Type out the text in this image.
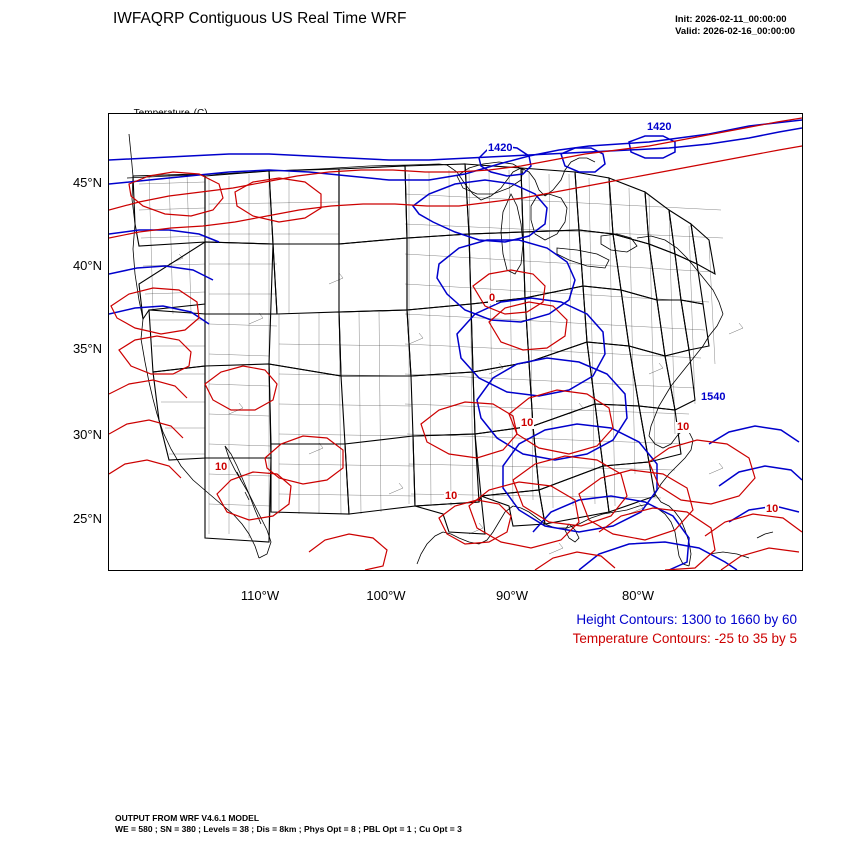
IWFAQRP Contiguous US Real Time WRF	Init: 2026-02-11_00:00:00
Valid: 2026-02-16_00:00:00

45°N
40°N
35°N
30°N
25°N
110°W	100°W	90°W	80°W
1420
1420
1540
10	10
10
10
10
0
Height Contours: 1300 to 1660 by 60
Temperature Contours: -25 to 35 by 5
OUTPUT FROM WRF V4.6.1 MODEL
WE = 580 ; SN = 380 ; Levels = 38 ; Dis = 8km ; Phys Opt = 8 ; PBL Opt = 1 ; Cu Opt = 3
